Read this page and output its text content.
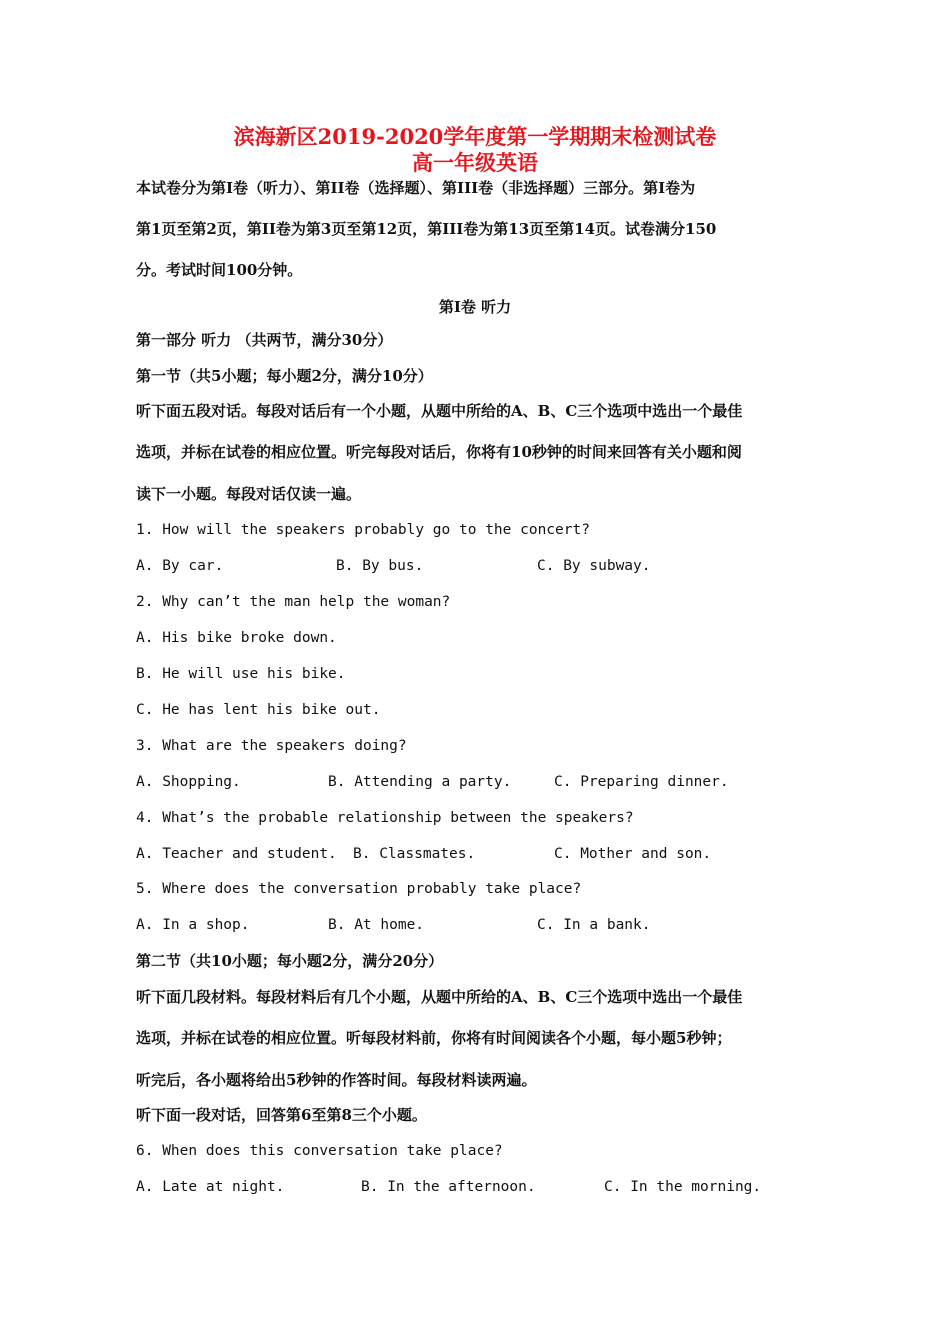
滨海新区2019-2020学年度第一学期期末检测试卷
高一年级英语
本试卷分为第Ⅰ卷（听力）、第II卷（选择题）、第III卷（非选择题）三部分。第Ⅰ卷为
第1页至第2页，第II卷为第3页至第12页，第III卷为第13页至第14页。试卷满分150
分。考试时间100分钟。
第Ⅰ卷 听力
第一部分 听力 （共两节，满分30分）
第一节（共5小题；每小题2分，满分10分）
听下面五段对话。每段对话后有一个小题，从题中所给的A、B、C三个选项中选出一个最佳
选项，并标在试卷的相应位置。听完每段对话后，你将有10秒钟的时间来回答有关小题和阅
读下一小题。每段对话仅读一遍。
1. How will the speakers probably go to the concert?
A. By car.	B. By bus.	C. By subway.
2. Why can’t the man help the woman?
A. His bike broke down.
B. He will use his bike.
C. He has lent his bike out.
3. What are the speakers doing?
A. Shopping.	B. Attending a party.	C. Preparing dinner.
4. What’s the probable relationship between the speakers?
A. Teacher and student. B. Classmates.	C. Mother and son.
5. Where does the conversation probably take place?
A. In a shop.	B. At home.	C. In a bank.
第二节（共10小题；每小题2分，满分20分）
听下面几段材料。每段材料后有几个小题，从题中所给的A、B、C三个选项中选出一个最佳
选项，并标在试卷的相应位置。听每段材料前，你将有时间阅读各个小题，每小题5秒钟；
听完后，各小题将给出5秒钟的作答时间。每段材料读两遍。
听下面一段对话，回答第6至第8三个小题。
6. When does this conversation take place?
A. Late at night.	B. In the afternoon.	C. In the morning.
